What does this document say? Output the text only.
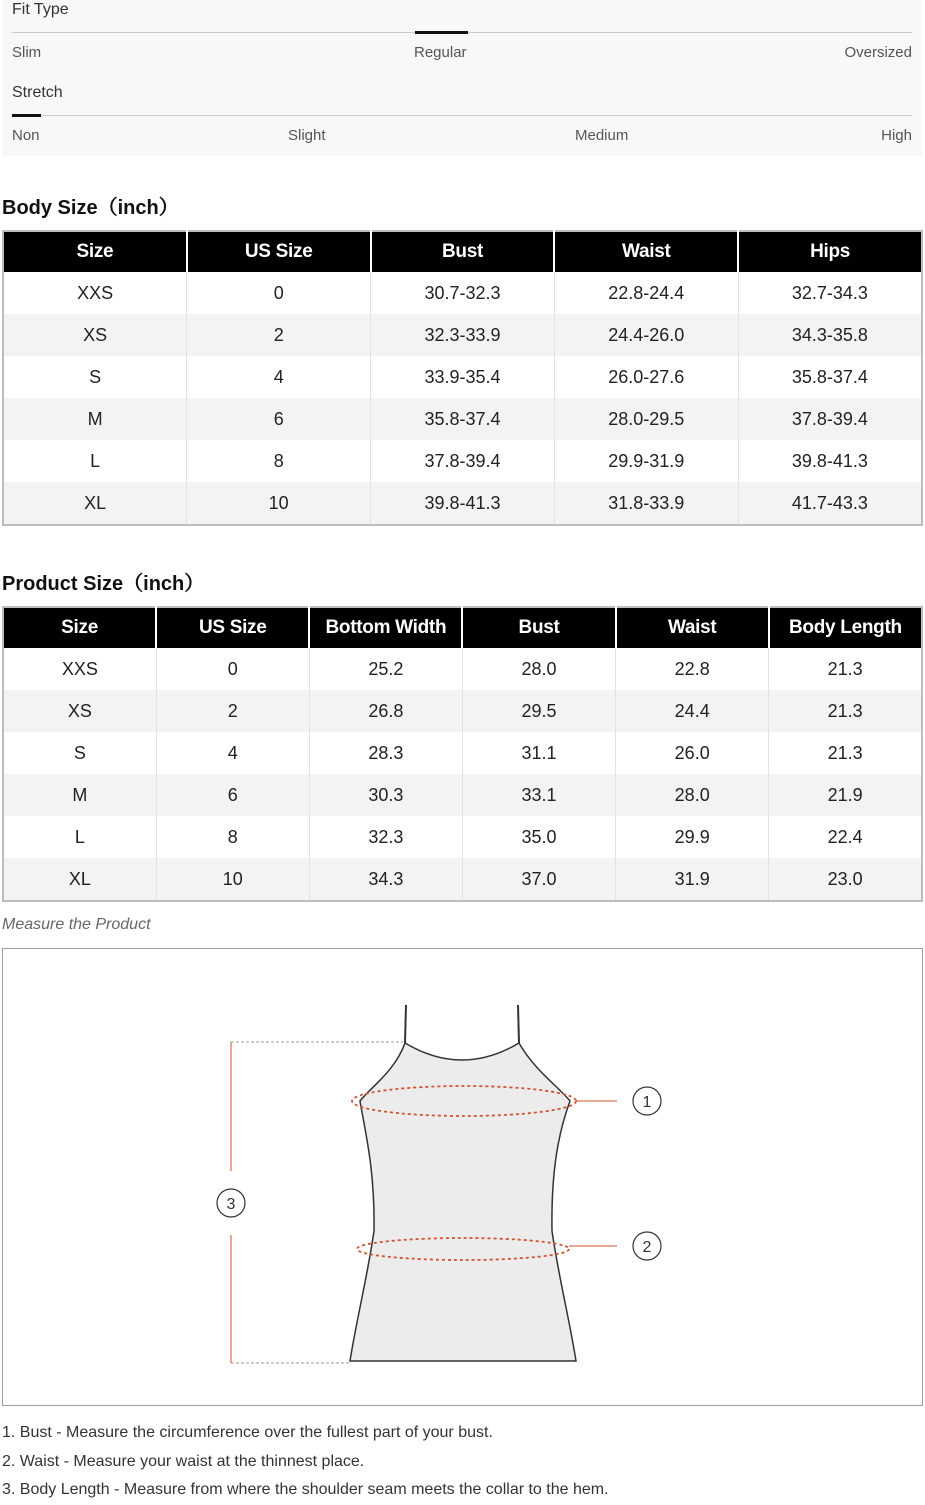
Fit Type
Slim	Regular	Oversized
Stretch
Non	Slight	Medium	High
Body Size（inch）
Size	US Size	Bust	Waist	Hips
XXS	0	30.7-32.3	22.8-24.4	32.7-34.3
XS	2	32.3-33.9	24.4-26.0	34.3-35.8
S	4	33.9-35.4	26.0-27.6	35.8-37.4
M	6	35.8-37.4	28.0-29.5	37.8-39.4
L	8	37.8-39.4	29.9-31.9	39.8-41.3
XL	10	39.8-41.3	31.8-33.9	41.7-43.3
Product Size（inch）
Size	US Size	Bottom Width	Bust	Waist	Body Length
XXS	0	25.2	28.0	22.8	21.3
XS	2	26.8	29.5	24.4	21.3
S	4	28.3	31.1	26.0	21.3
M	6	30.3	33.1	28.0	21.9
L	8	32.3	35.0	29.9	22.4
XL	10	34.3	37.0	31.9	23.0
Measure the Product
1
2
3
1. Bust - Measure the circumference over the fullest part of your bust.
2. Waist - Measure your waist at the thinnest place.
3. Body Length - Measure from where the shoulder seam meets the collar to the hem.
